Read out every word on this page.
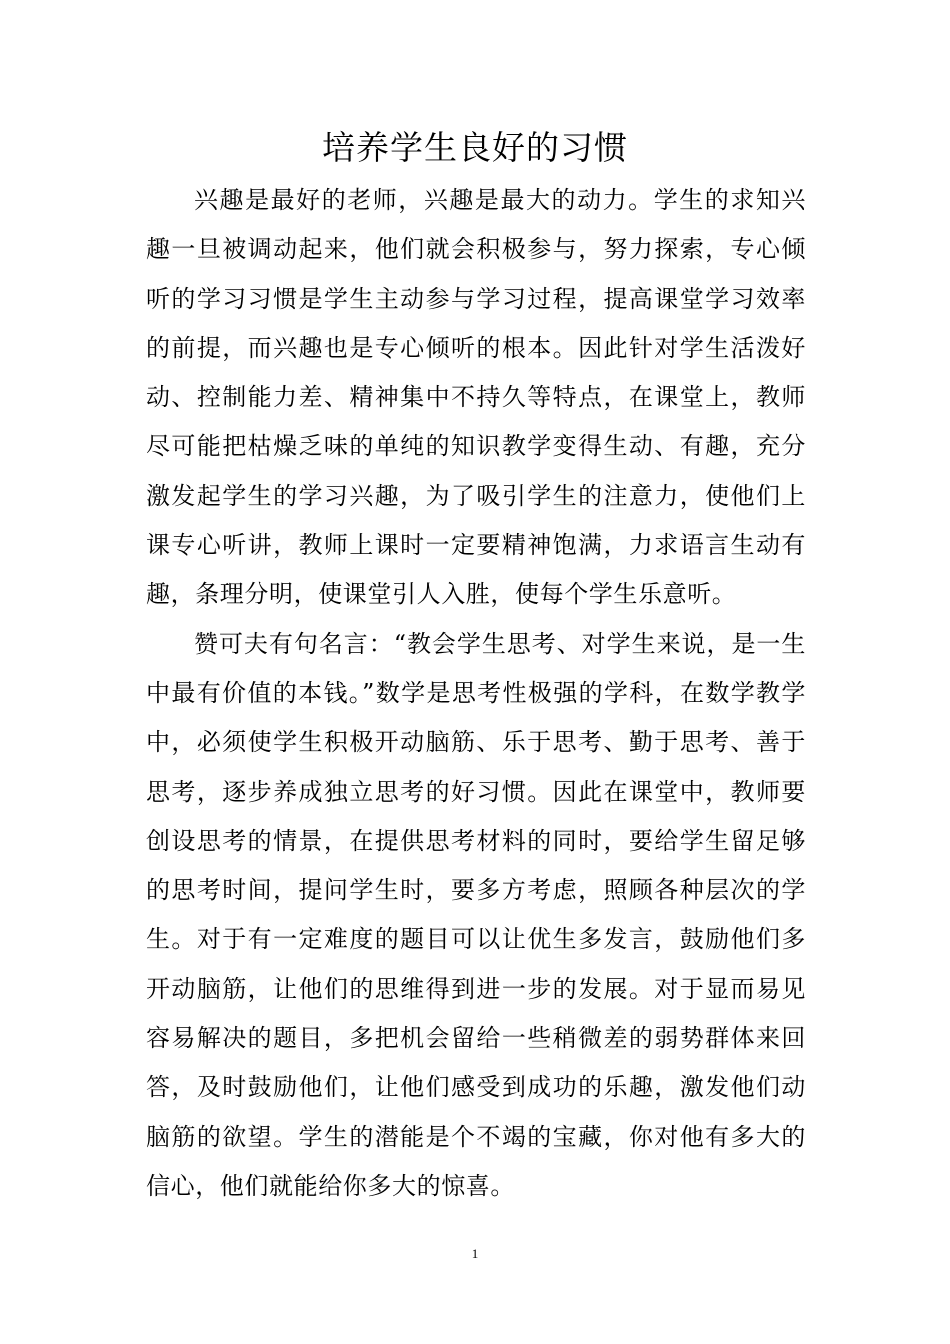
培养学生良好的习惯

兴趣是最好的老师，兴趣是最大的动力。学生的求知兴趣一旦被调动起来，他们就会积极参与，努力探索，专心倾听的学习习惯是学生主动参与学习过程，提高课堂学习效率的前提，而兴趣也是专心倾听的根本。因此针对学生活泼好动、控制能力差、精神集中不持久等特点，在课堂上，教师尽可能把枯燥乏味的单纯的知识教学变得生动、有趣，充分激发起学生的学习兴趣，为了吸引学生的注意力，使他们上课专心听讲，教师上课时一定要精神饱满，力求语言生动有趣，条理分明，使课堂引人入胜，使每个学生乐意听。

赞可夫有句名言：“教会学生思考、对学生来说，是一生中最有价值的本钱。”数学是思考性极强的学科，在数学教学中，必须使学生积极开动脑筋、乐于思考、勤于思考、善于思考，逐步养成独立思考的好习惯。因此在课堂中，教师要创设思考的情景，在提供思考材料的同时，要给学生留足够的思考时间，提问学生时，要多方考虑，照顾各种层次的学生。对于有一定难度的题目可以让优生多发言，鼓励他们多开动脑筋，让他们的思维得到进一步的发展。对于显而易见容易解决的题目，多把机会留给一些稍微差的弱势群体来回答，及时鼓励他们，让他们感受到成功的乐趣，激发他们动脑筋的欲望。学生的潜能是个不竭的宝藏，你对他有多大的信心，他们就能给你多大的惊喜。

1
